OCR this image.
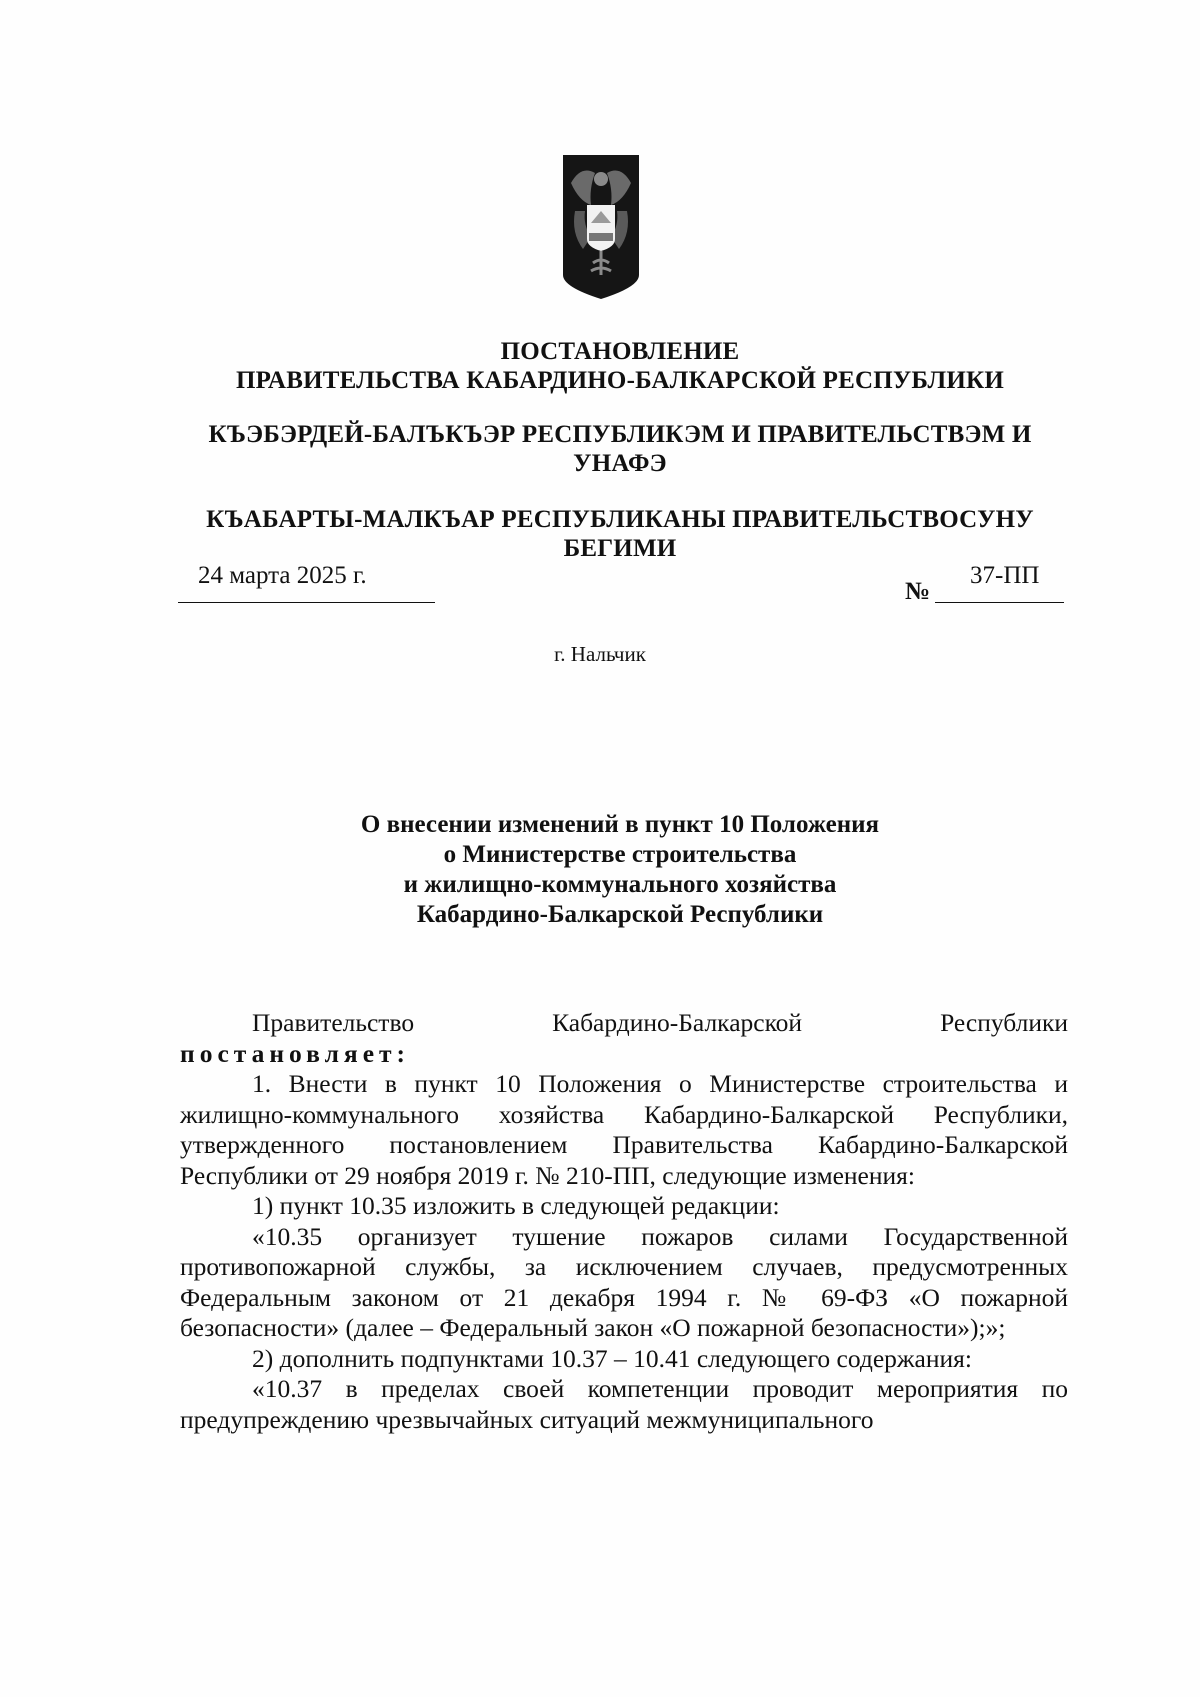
ПОСТАНОВЛЕНИЕ
ПРАВИТЕЛЬСТВА КАБАРДИНО-БАЛКАРСКОЙ РЕСПУБЛИКИ
КЪЭБЭРДЕЙ-БАЛЪКЪЭР РЕСПУБЛИКЭМ И ПРАВИТЕЛЬСТВЭМ И
УНАФЭ
КЪАБАРТЫ-МАЛКЪАР РЕСПУБЛИКАНЫ ПРАВИТЕЛЬСТВОСУНУ
БЕГИМИ
24 марта 2025 г.
№
37-ПП
г. Нальчик
О внесении изменений в пункт 10 Положения
о Министерстве строительства
и жилищно-коммунального хозяйства
Кабардино-Балкарской Республики

Правительство Кабардино-Балкарской Республики

постановляет:

1. Внести в пункт 10 Положения о Министерстве строительства и жилищно-коммунального хозяйства Кабардино-Балкарской Республики, утвержденного постановлением Правительства Кабардино-Балкарской Республики от 29 ноября 2019 г. № 210-ПП, следующие изменения:

1) пункт 10.35 изложить в следующей редакции:

«10.35 организует тушение пожаров силами Государственной противопожарной службы, за исключением случаев, предусмотренных Федеральным законом от 21 декабря 1994 г. № 69-ФЗ «О пожарной безопасности» (далее – Федеральный закон «О пожарной безопасности»);»;

2) дополнить подпунктами 10.37 – 10.41 следующего содержания:

«10.37 в пределах своей компетенции проводит мероприятия по предупреждению чрезвычайных ситуаций межмуниципального
